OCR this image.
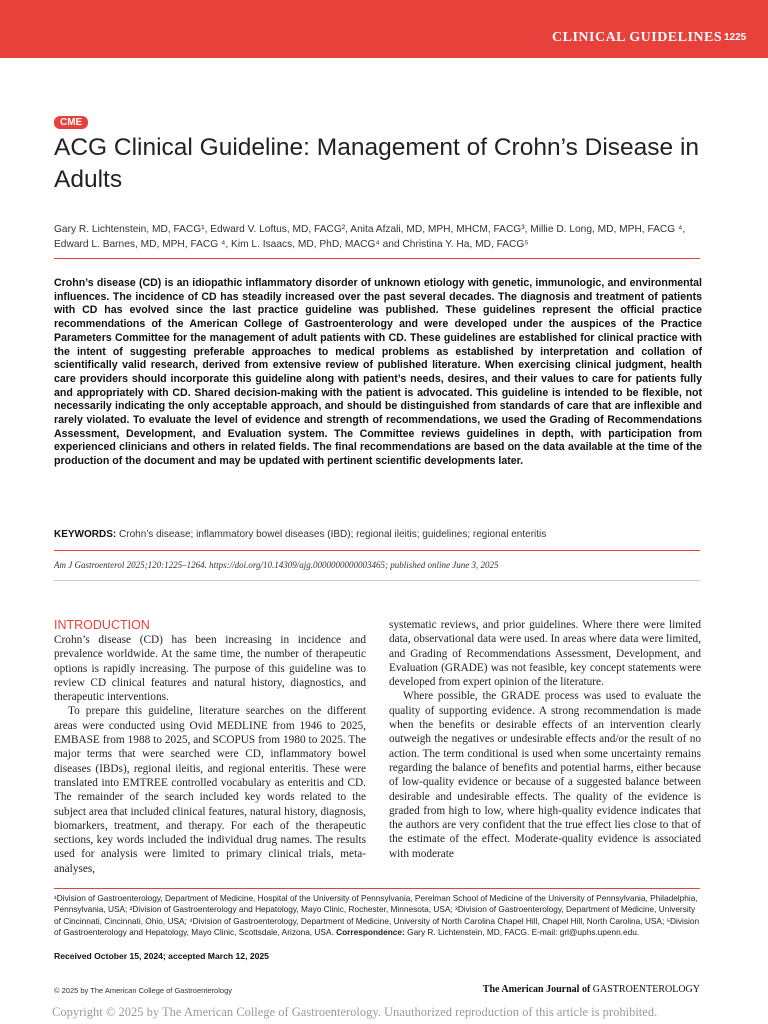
CLINICAL GUIDELINES 1225
CME
ACG Clinical Guideline: Management of Crohn’s Disease in Adults
Gary R. Lichtenstein, MD, FACG¹, Edward V. Loftus, MD, FACG², Anita Afzali, MD, MPH, MHCM, FACG³, Millie D. Long, MD, MPH, FACG ⁴,
Edward L. Barnes, MD, MPH, FACG ⁴, Kim L. Isaacs, MD, PhD, MACG⁴ and Christina Y. Ha, MD, FACG⁵
Crohn’s disease (CD) is an idiopathic inflammatory disorder of unknown etiology with genetic, immunologic, and environmental influences. The incidence of CD has steadily increased over the past several decades. The diagnosis and treatment of patients with CD has evolved since the last practice guideline was published. These guidelines represent the official practice recommendations of the American College of Gastroenterology and were developed under the auspices of the Practice Parameters Committee for the management of adult patients with CD. These guidelines are established for clinical practice with the intent of suggesting preferable approaches to medical problems as established by interpretation and collation of scientifically valid research, derived from extensive review of published literature. When exercising clinical judgment, health care providers should incorporate this guideline along with patient’s needs, desires, and their values to care for patients fully and appropriately with CD. Shared decision-making with the patient is advocated. This guideline is intended to be flexible, not necessarily indicating the only acceptable approach, and should be distinguished from standards of care that are inflexible and rarely violated. To evaluate the level of evidence and strength of recommendations, we used the Grading of Recommendations Assessment, Development, and Evaluation system. The Committee reviews guidelines in depth, with participation from experienced clinicians and others in related fields. The final recommendations are based on the data available at the time of the production of the document and may be updated with pertinent scientific developments later.
KEYWORDS: Crohn’s disease; inflammatory bowel diseases (IBD); regional ileitis; guidelines; regional enteritis
Am J Gastroenterol 2025;120:1225–1264. https://doi.org/10.14309/ajg.0000000000003465; published online June 3, 2025

INTRODUCTION

Crohn’s disease (CD) has been increasing in incidence and prevalence worldwide. At the same time, the number of therapeutic options is rapidly increasing. The purpose of this guideline was to review CD clinical features and natural history, diagnostics, and therapeutic interventions.

To prepare this guideline, literature searches on the different areas were conducted using Ovid MEDLINE from 1946 to 2025, EMBASE from 1988 to 2025, and SCOPUS from 1980 to 2025. The major terms that were searched were CD, inflammatory bowel diseases (IBDs), regional ileitis, and regional enteritis. These were translated into EMTREE controlled vocabulary as enteritis and CD. The remainder of the search included key words related to the subject area that included clinical features, natural history, diagnosis, biomarkers, treatment, and therapy. For each of the therapeutic sections, key words included the individual drug names. The results used for analysis were limited to primary clinical trials, meta-analyses,

systematic reviews, and prior guidelines. Where there were limited data, observational data were used. In areas where data were limited, and Grading of Recommendations Assessment, Development, and Evaluation (GRADE) was not feasible, key concept statements were developed from expert opinion of the literature.

Where possible, the GRADE process was used to evaluate the quality of supporting evidence. A strong recommendation is made when the benefits or desirable effects of an intervention clearly outweigh the negatives or undesirable effects and/or the result of no action. The term conditional is used when some uncertainty remains regarding the balance of benefits and potential harms, either because of low-quality evidence or because of a suggested balance between desirable and undesirable effects. The quality of the evidence is graded from high to low, where high-quality evidence indicates that the authors are very confident that the true effect lies close to that of the estimate of the effect. Moderate-quality evidence is associated with moderate

¹Division of Gastroenterology, Department of Medicine, Hospital of the University of Pennsylvania, Perelman School of Medicine of the University of Pennsylvania, Philadelphia, Pennsylvania, USA; ²Division of Gastroenterology and Hepatology, Mayo Clinic, Rochester, Minnesota, USA; ³Division of Gastroenterology, Department of Medicine, University of Cincinnati, Cincinnati, Ohio, USA; ⁴Division of Gastroenterology, Department of Medicine, University of North Carolina Chapel Hill, Chapel Hill, North Carolina, USA; ⁵Division of Gastroenterology and Hepatology, Mayo Clinic, Scottsdale, Arizona, USA. Correspondence: Gary R. Lichtenstein, MD, FACG. E-mail: grl@uphs.upenn.edu.
Received October 15, 2024; accepted March 12, 2025
© 2025 by The American College of Gastroenterology	The American Journal of GASTROENTEROLOGY
Copyright © 2025 by The American College of Gastroenterology. Unauthorized reproduction of this article is prohibited.
